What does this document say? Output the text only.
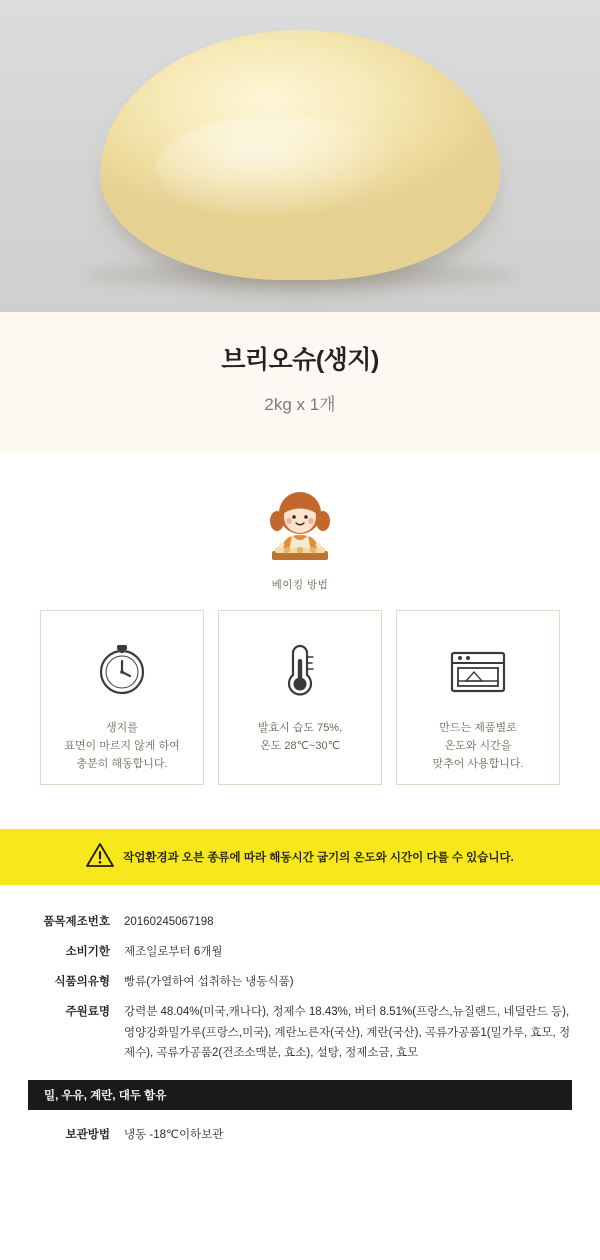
브리오슈(생지)

2kg x 1개

베이킹 방법
생지를
표면이 마르지 않게 하여
충분히 해동합니다.
발효시 습도 75%,
온도 28℃~30℃
만드는 제품별로
온도와 시간을
맞추어 사용합니다.
작업환경과 오븐 종류에 따라 해동시간 굽기의 온도와 시간이 다를 수 있습니다.
품목제조번호	20160245067198
소비기한	제조일로부터 6개월
식품의유형	빵류(가열하여 섭취하는 냉동식품)
주원료명	강력분 48.04%(미국,캐나다), 정제수 18.43%, 버터 8.51%(프랑스,뉴질랜드, 네덜란드 등), 영양강화밀가루(프랑스,미국), 계란노른자(국산), 계란(국산), 곡류가공품1(밀가루, 효모, 정제수), 곡류가공품2(건조소맥분, 효소), 설탕, 정제소금, 효모
밀, 우유, 계란, 대두 함유
보관방법	냉동 -18℃이하보관
